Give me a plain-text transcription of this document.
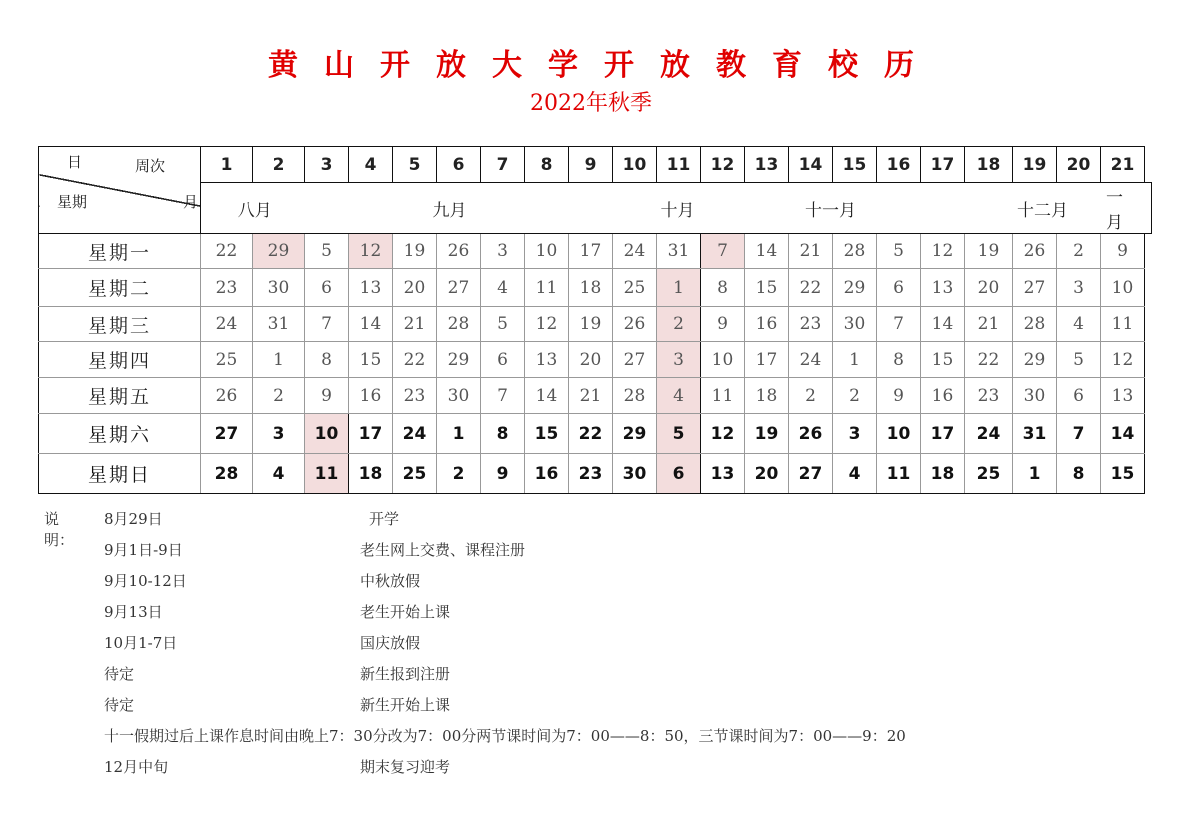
黄山开放大学开放教育校历
2022年秋季
日 周次
星期 月	1	2	3	4	5	6	7	8	9	10	11	12	13	14	15	16	17	18	19	20	21
	八月		九月					十月				十一月					十二月				一月
星期一	22	29	5	12	19	26	3	10	17	24	31	7	14	21	28	5	12	19	26	2	9
星期二	23	30	6	13	20	27	4	11	18	25	1	8	15	22	29	6	13	20	27	3	10
星期三	24	31	7	14	21	28	5	12	19	26	2	9	16	23	30	7	14	21	28	4	11
星期四	25	1	8	15	22	29	6	13	20	27	3	10	17	24	1	8	15	22	29	5	12
星期五	26	2	9	16	23	30	7	14	21	28	4	11	18	2	2	9	16	23	30	6	13
星期六	27	3	10	17	24	1	8	15	22	29	5	12	19	26	3	10	17	24	31	7	14
星期日	28	4	11	18	25	2	9	16	23	30	6	13	20	27	4	11	18	25	1	8	15
说明：
8月29日	开学
9月1日-9日	老生网上交费、课程注册
9月10-12日	中秋放假
9月13日	老生开始上课
10月1-7日	国庆放假
待定	新生报到注册
待定	新生开始上课
十一假期过后上课作息时间由晚上7：30分改为7：00分两节课时间为7：00——8：50，三节课时间为7：00——9：20
12月中旬	期末复习迎考
